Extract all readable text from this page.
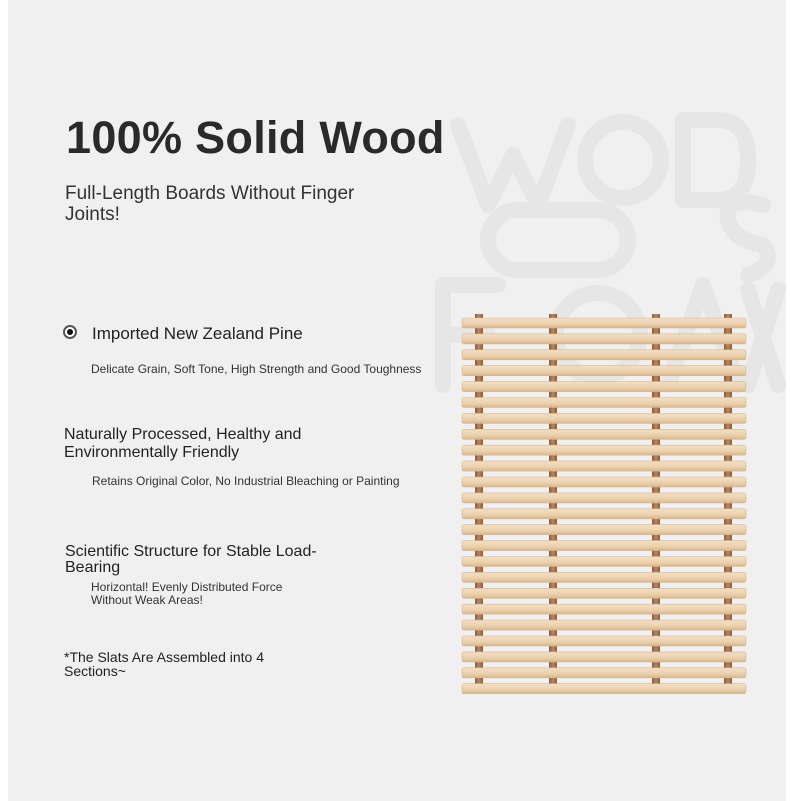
100% Solid Wood

Full-Length Boards Without Finger Joints!

Imported New Zealand Pine

Delicate Grain, Soft Tone, High Strength and Good Toughness

Naturally Processed, Healthy and Environmentally Friendly

Retains Original Color, No Industrial Bleaching or Painting

Scientific Structure for Stable Load-Bearing

Horizontal! Evenly Distributed Force Without Weak Areas!

*The Slats Are Assembled into 4 Sections~
